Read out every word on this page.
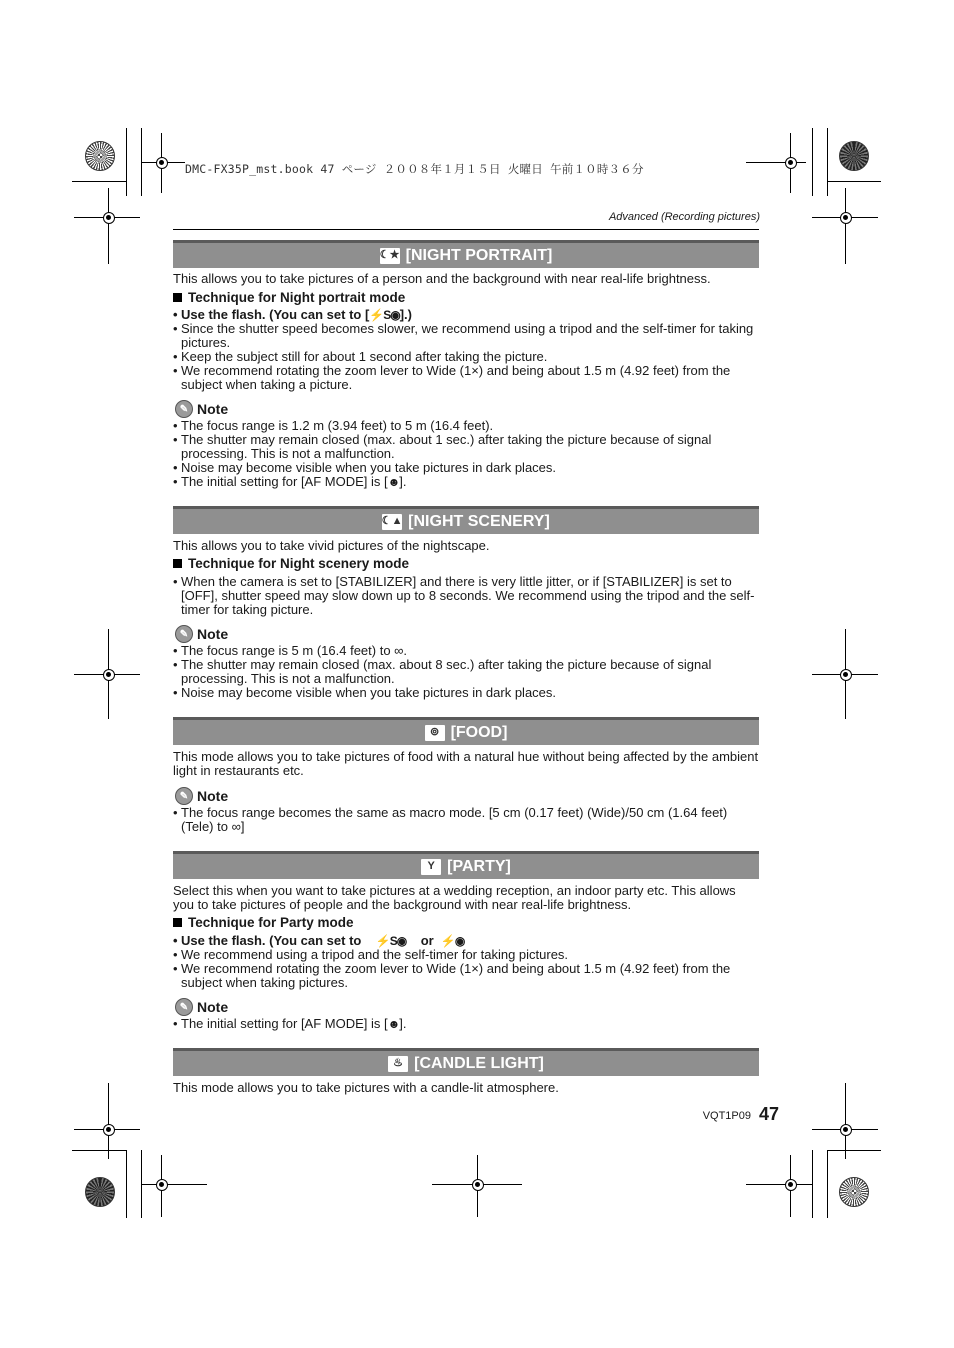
DMC-FX35P_mst.book 47 ページ ２００８年１月１５日 火曜日 午前１０時３６分
Advanced (Recording pictures)
☾★ [NIGHT PORTRAIT]
This allows you to take pictures of a person and the background with near real-life brightness.
Technique for Night portrait mode
• Use the flash. (You can set to [⚡S◉].)
• Since the shutter speed becomes slower, we recommend using a tripod and the self-timer for taking pictures.
• Keep the subject still for about 1 second after taking the picture.
• We recommend rotating the zoom lever to Wide (1×) and being about 1.5 m (4.92 feet) from the subject when taking a picture.
✎ Note
• The focus range is 1.2 m (3.94 feet) to 5 m (16.4 feet).
• The shutter may remain closed (max. about 1 sec.) after taking the picture because of signal processing. This is not a malfunction.
• Noise may become visible when you take pictures in dark places.
• The initial setting for [AF MODE] is [☻].
☾▲ [NIGHT SCENERY]
This allows you to take vivid pictures of the nightscape.
Technique for Night scenery mode
• When the camera is set to [STABILIZER] and there is very little jitter, or if [STABILIZER] is set to [OFF], shutter speed may slow down up to 8 seconds. We recommend using the tripod and the self-timer for taking picture.
✎ Note
• The focus range is 5 m (16.4 feet) to ∞.
• The shutter may remain closed (max. about 8 sec.) after taking the picture because of signal processing. This is not a malfunction.
• Noise may become visible when you take pictures in dark places.
⊚ [FOOD]
This mode allows you to take pictures of food with a natural hue without being affected by the ambient light in restaurants etc.
✎ Note
• The focus range becomes the same as macro mode. [5 cm (0.17 feet) (Wide)/50 cm (1.64 feet) (Tele) to ∞]
Y [PARTY]
Select this when you want to take pictures at a wedding reception, an indoor party etc. This allows you to take pictures of people and the background with near real-life brightness.
Technique for Party mode
• Use the flash. (You can set to ⚡S◉ or ⚡◉
• We recommend using a tripod and the self-timer for taking pictures.
• We recommend rotating the zoom lever to Wide (1×) and being about 1.5 m (4.92 feet) from the subject when taking pictures.
✎ Note
• The initial setting for [AF MODE] is [☻].
♨ [CANDLE LIGHT]
This mode allows you to take pictures with a candle-lit atmosphere.
VQT1P09 47
